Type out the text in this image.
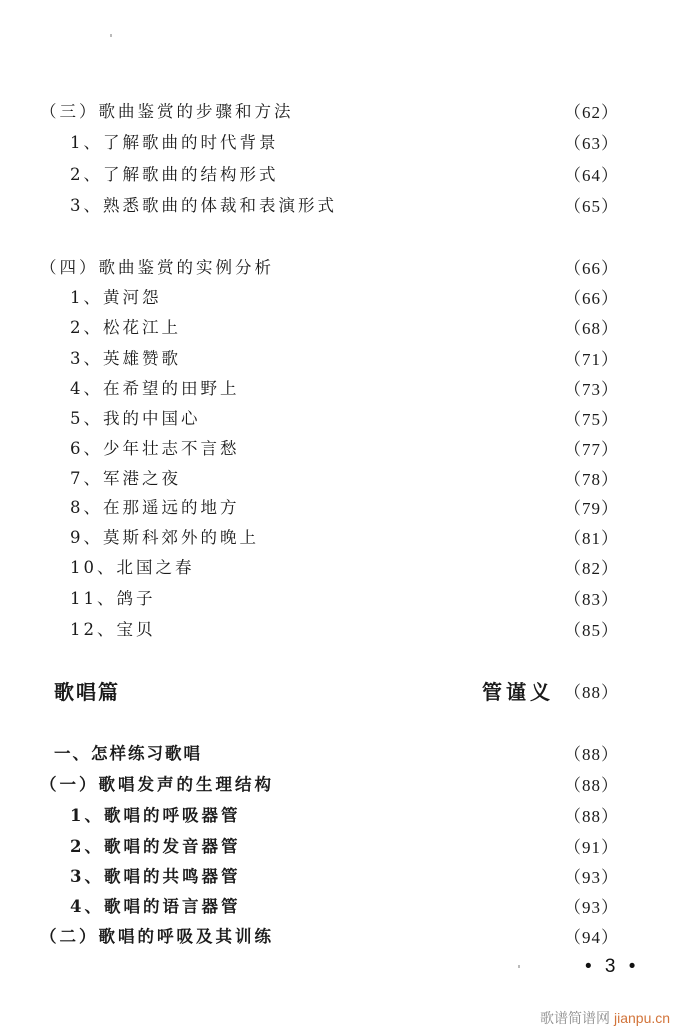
（三）歌曲鉴赏的步骤和方法	（62）
1、了解歌曲的时代背景	（63）
2、了解歌曲的结构形式	（64）
3、熟悉歌曲的体裁和表演形式	（65）
（四）歌曲鉴赏的实例分析	（66）
1、黄河怨	（66）
2、松花江上	（68）
3、英雄赞歌	（71）
4、在希望的田野上	（73）
5、我的中国心	（75）
6、少年壮志不言愁	（77）
7、军港之夜	（78）
8、在那遥远的地方	（79）
9、莫斯科郊外的晚上	（81）
10、北国之春	（82）
11、鸽子	（83）
12、宝贝	（85）
歌唱篇	管谨义 （88）
一、怎样练习歌唱	（88）
（一）歌唱发声的生理结构	（88）
1、歌唱的呼吸器管	（88）
2、歌唱的发音器管	（91）
3、歌唱的共鸣器管	（93）
4、歌唱的语言器管	（93）
（二）歌唱的呼吸及其训练	（94）
• 3 •
歌谱简谱网 jianpu.cn
